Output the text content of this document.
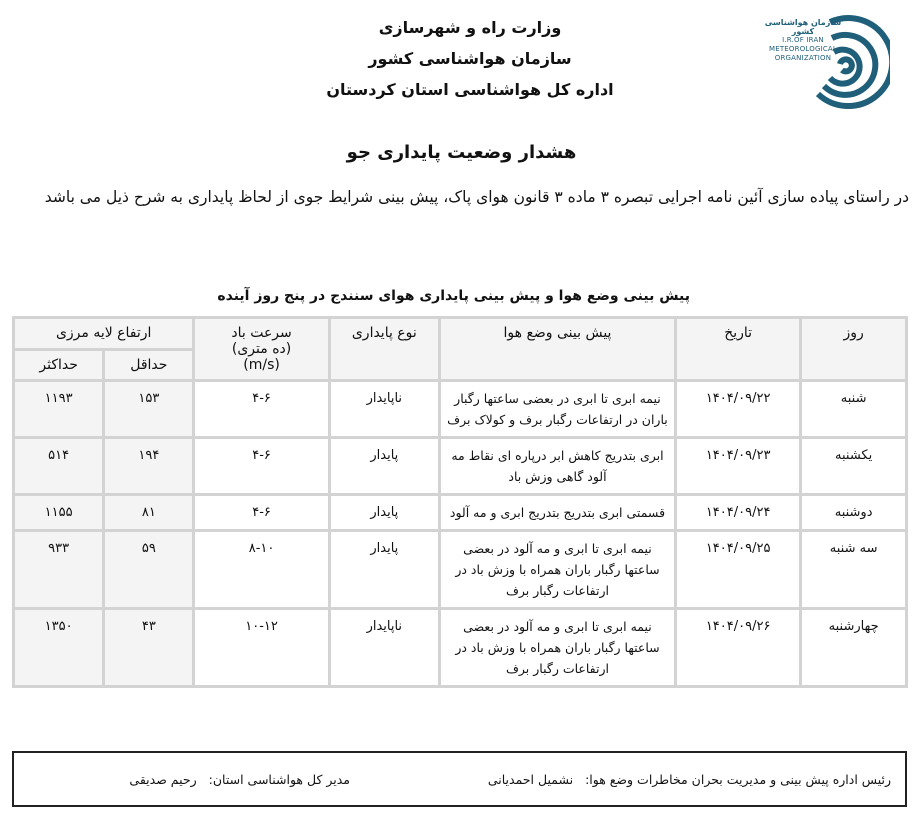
سازمان هواشناسی کشور
I.R.OF IRAN
METEOROLOGICAL
ORGANIZATION
وزارت راه و شهرسازی
سازمان هواشناسی کشور
اداره کل هواشناسی استان کردستان
هشدار وضعیت پایداری جو
در راستای پیاده سازی آئین نامه اجرایی تبصره ۳ ماده ۳ قانون هوای پاک، پیش بینی شرایط جوی از لحاظ پایداری به شرح ذیل می باشد
پیش بینی وضع هوا و پیش بینی پایداری هوای سنندج در پنج روز آینده
روز	تاریخ	پیش بینی وضع هوا	نوع پایداری	سرعت باد
(ده متری)
(m/s)	ارتفاع لایه مرزی	
					حداقل	حداکثر
شنبه	۱۴۰۴/۰۹/۲۲	نیمه ابری تا ابری در بعضی ساعتها رگبار باران در ارتفاعات رگبار برف و کولاک برف	ناپایدار	۴-۶	۱۵۳	۱۱۹۳
یکشنبه	۱۴۰۴/۰۹/۲۳	ابری بتدریج کاهش ابر درپاره ای نقاط مه آلود گاهی وزش باد	پایدار	۴-۶	۱۹۴	۵۱۴
دوشنبه	۱۴۰۴/۰۹/۲۴	قسمتی ابری بتدریج بتدریج ابری و مه آلود	پایدار	۴-۶	۸۱	۱۱۵۵
سه شنبه	۱۴۰۴/۰۹/۲۵	نیمه ابری تا ابری و مه آلود در بعضی ساعتها رگبار باران همراه با وزش باد در ارتفاعات رگبار برف	پایدار	۸-۱۰	۵۹	۹۳۳
چهارشنبه	۱۴۰۴/۰۹/۲۶	نیمه ابری تا ابری و مه آلود در بعضی ساعتها رگبار باران همراه با وزش باد در ارتفاعات رگبار برف	ناپایدار	۱۰-۱۲	۴۳	۱۳۵۰
رئیس اداره پیش بینی و مدیریت بحران مخاطرات وضع هوا: نشمیل احمدیانی
مدیر کل هواشناسی استان: رحیم صدیقی
